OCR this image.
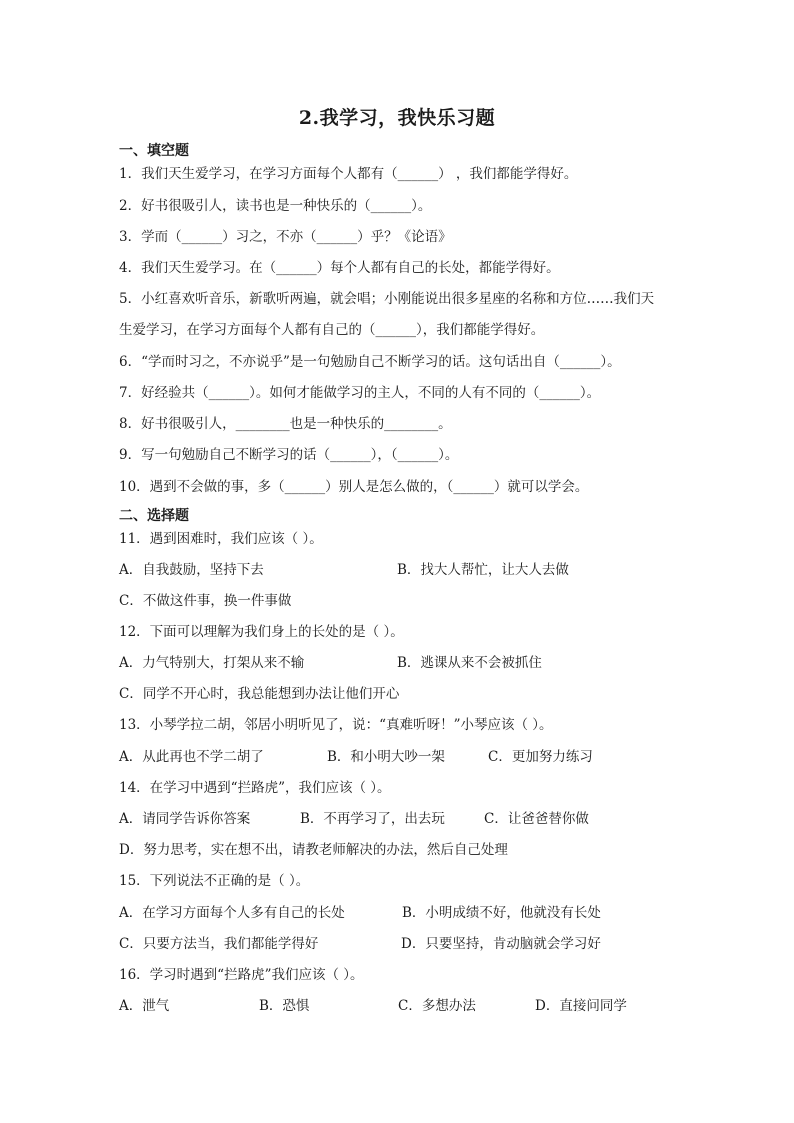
2.我学习，我快乐习题
一、填空题
1．我们天生爱学习，在学习方面每个人都有（______） ，我们都能学得好。
2．好书很吸引人，读书也是一种快乐的（______）。
3．学而（______）习之，不亦（______）乎？《论语》
4．我们天生爱学习。在（______）每个人都有自己的长处，都能学得好。
5．小红喜欢听音乐，新歌听两遍，就会唱；小刚能说出很多星座的名称和方位……我们天
生爱学习，在学习方面每个人都有自己的（______），我们都能学得好。
6．“学而时习之，不亦说乎”是一句勉励自己不断学习的话。这句话出自（______）。
7．好经验共（______）。如何才能做学习的主人，不同的人有不同的（______）。
8．好书很吸引人，________也是一种快乐的________。
9．写一句勉励自己不断学习的话（______），（______）。
10．遇到不会做的事，多（______）别人是怎么做的，（______）就可以学会。
二、选择题
11．遇到困难时，我们应该（ ）。
A．自我鼓励，坚持下去	B．找大人帮忙，让大人去做
C．不做这件事，换一件事做
12．下面可以理解为我们身上的长处的是（ ）。
A．力气特别大，打架从来不输	B．逃课从来不会被抓住
C．同学不开心时，我总能想到办法让他们开心
13．小琴学拉二胡，邻居小明听见了，说：“真难听呀！”小琴应该（ ）。
A．从此再也不学二胡了	B．和小明大吵一架	C．更加努力练习
14．在学习中遇到“拦路虎”，我们应该（ ）。
A．请同学告诉你答案	B．不再学习了，出去玩	C．让爸爸替你做
D．努力思考，实在想不出，请教老师解决的办法，然后自己处理
15．下列说法不正确的是（ ）。
A．在学习方面每个人多有自己的长处	B．小明成绩不好，他就没有长处
C．只要方法当，我们都能学得好	D．只要坚持，肯动脑就会学习好
16．学习时遇到“拦路虎”我们应该（ ）。
A．泄气	B．恐惧	C．多想办法	D．直接问同学
